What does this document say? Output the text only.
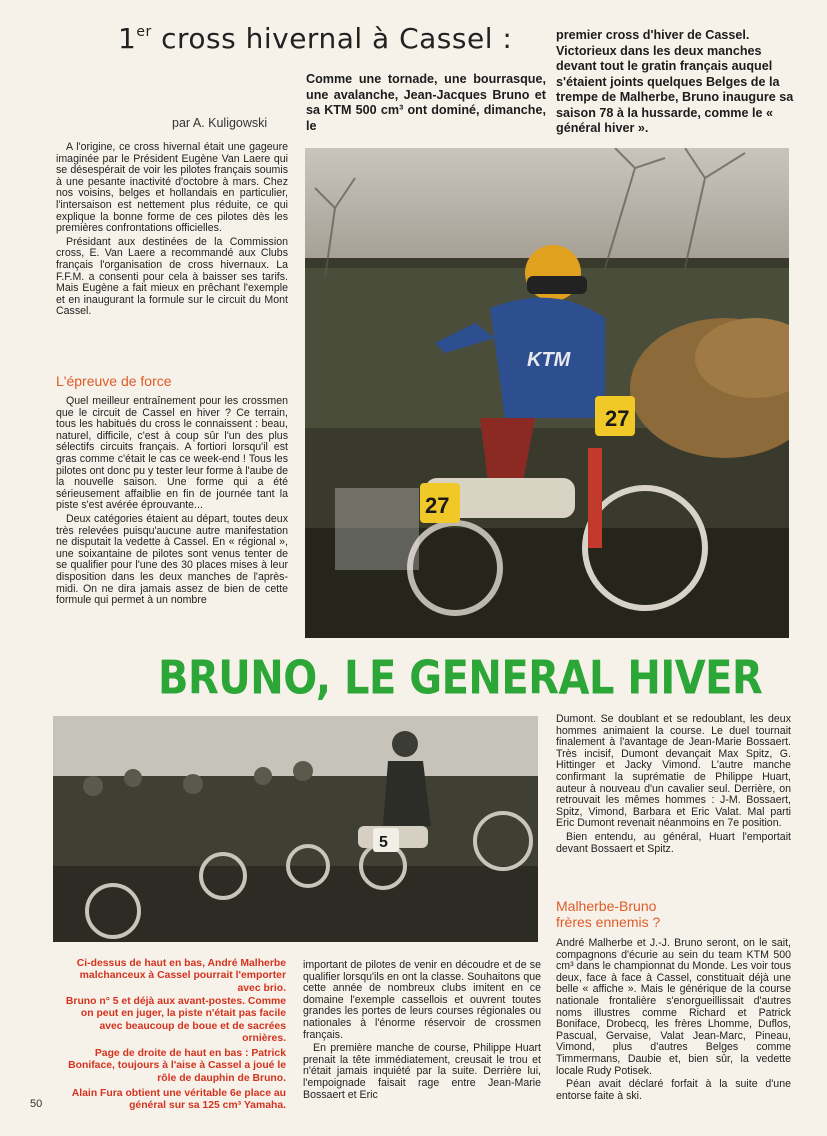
1er cross hivernal à Cassel :
Comme une tornade, une bourrasque, une avalanche, Jean-Jacques Bruno et sa KTM 500 cm³ ont dominé, dimanche, le
premier cross d'hiver de Cassel. Victorieux dans les deux manches devant tout le gratin français auquel s'étaient joints quelques Belges de la trempe de Malherbe, Bruno inaugure sa saison 78 à la hussarde, comme le « général hiver ».
par A. Kuligowski

A l'origine, ce cross hivernal était une gageure imaginée par le Président Eugène Van Laere qui se désespérait de voir les pilotes français soumis à une pesante inactivité d'octobre à mars. Chez nos voisins, belges et hollandais en particulier, l'intersaison est nettement plus réduite, ce qui explique la bonne forme de ces pilotes dès les premières confrontations officielles.

Présidant aux destinées de la Commission cross, E. Van Laere a recommandé aux Clubs français l'organisation de cross hivernaux. La F.F.M. a consenti pour cela à baisser ses tarifs. Mais Eugène a fait mieux en prêchant l'exemple et en inaugurant la formule sur le circuit du Mont Cassel.

L'épreuve de force

Quel meilleur entraînement pour les crossmen que le circuit de Cassel en hiver ? Ce terrain, tous les habitués du cross le connaissent : beau, naturel, difficile, c'est à coup sûr l'un des plus sélectifs circuits français. A fortiori lorsqu'il est gras comme c'était le cas ce week-end ! Tous les pilotes ont donc pu y tester leur forme à l'aube de la nouvelle saison. Une forme qui a été sérieusement affaiblie en fin de journée tant la piste s'est avérée éprouvante...

Deux catégories étaient au départ, toutes deux très relevées puisqu'aucune autre manifestation ne disputait la vedette à Cassel. En « régional », une soixantaine de pilotes sont venus tenter de se qualifier pour l'une des 30 places mises à leur disposition dans les deux manches de l'après-midi. On ne dira jamais assez de bien de cette formule qui permet à un nombre

KTM
27
27
BRUNO, LE GENERAL HIVER
5
Ci-dessus de haut en bas, André Malherbe malchanceux à Cassel pourrait l'emporter avec brio.
Bruno n° 5 et déjà aux avant-postes. Comme on peut en juger, la piste n'était pas facile avec beaucoup de boue et de sacrées ornières.
Page de droite de haut en bas : Patrick Boniface, toujours à l'aise à Cassel a joué le rôle de dauphin de Bruno.
Alain Fura obtient une véritable 6e place au général sur sa 125 cm³ Yamaha.
50

important de pilotes de venir en découdre et de se qualifier lorsqu'ils en ont la classe. Souhaitons que cette année de nombreux clubs imitent en ce domaine l'exemple cassellois et ouvrent toutes grandes les portes de leurs courses régionales ou nationales à l'énorme réservoir de crossmen français.

En première manche de course, Philippe Huart prenait la tête immédiatement, creusait le trou et n'était jamais inquiété par la suite. Derrière lui, l'empoignade faisait rage entre Jean-Marie Bossaert et Eric

Dumont. Se doublant et se redoublant, les deux hommes animaient la course. Le duel tournait finalement à l'avantage de Jean-Marie Bossaert. Très incisif, Dumont devançait Max Spitz, G. Hittinger et Jacky Vimond. L'autre manche confirmant la suprématie de Philippe Huart, auteur à nouveau d'un cavalier seul. Derrière, on retrouvait les mêmes hommes : J-M. Bossaert, Spitz, Vimond, Barbara et Eric Valat. Mal parti Eric Dumont revenait néanmoins en 7e position.

Bien entendu, au général, Huart l'emportait devant Bossaert et Spitz.

Malherbe-Bruno
frères ennemis ?

André Malherbe et J.-J. Bruno seront, on le sait, compagnons d'écurie au sein du team KTM 500 cm³ dans le championnat du Monde. Les voir tous deux, face à face à Cassel, constituait déjà une belle « affiche ». Mais le générique de la course nationale frontalière s'enorgueillissait d'autres noms illustres comme Richard et Patrick Boniface, Drobecq, les frères Lhomme, Duflos, Pascual, Gervaise, Valat Jean-Marc, Pineau, Vimond, plus d'autres Belges comme Timmermans, Daubie et, bien sûr, la vedette locale Rudy Potisek.

Péan avait déclaré forfait à la suite d'une entorse faite à ski.
